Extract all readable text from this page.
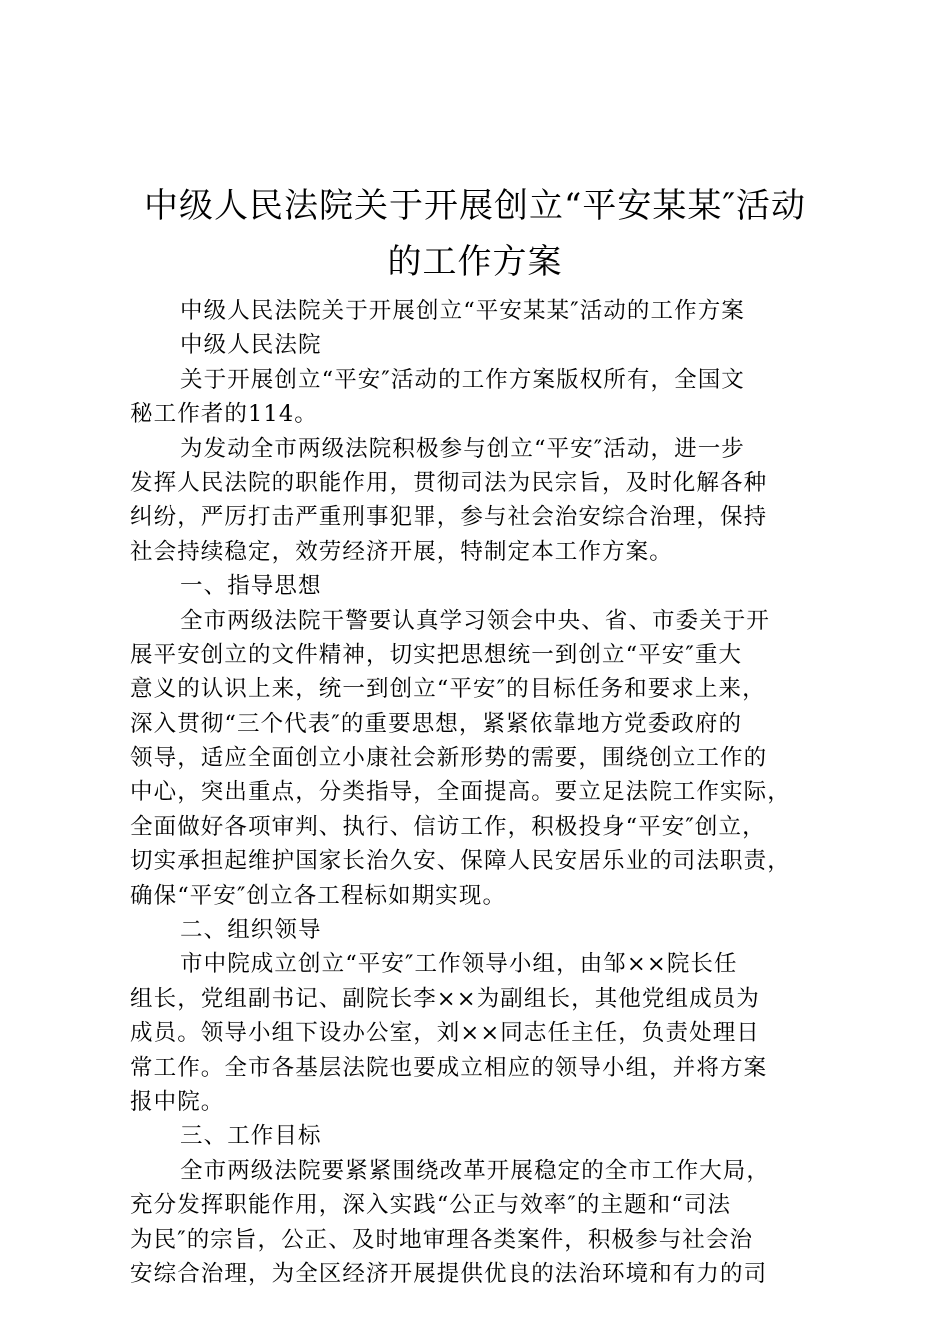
中级人民法院关于开展创立“平安某某″活动
的工作方案
中级人民法院关于开展创立“平安某某″活动的工作方案
中级人民法院
关于开展创立“平安″活动的工作方案版权所有，全国文
秘工作者的114。
为发动全市两级法院积极参与创立“平安″活动，进一步
发挥人民法院的职能作用，贯彻司法为民宗旨，及时化解各种
纠纷，严厉打击严重刑事犯罪，参与社会治安综合治理，保持
社会持续稳定，效劳经济开展，特制定本工作方案。
一、指导思想
全市两级法院干警要认真学习领会中央、省、市委关于开
展平安创立的文件精神，切实把思想统一到创立“平安″重大
意义的认识上来，统一到创立“平安″的目标任务和要求上来，
深入贯彻“三个代表″的重要思想，紧紧依靠地方党委政府的
领导，适应全面创立小康社会新形势的需要，围绕创立工作的
中心，突出重点，分类指导，全面提高。要立足法院工作实际，
全面做好各项审判、执行、信访工作，积极投身“平安″创立，
切实承担起维护国家长治久安、保障人民安居乐业的司法职责，
确保“平安″创立各工程标如期实现。
二、组织领导
市中院成立创立“平安″工作领导小组，由邹××院长任
组长，党组副书记、副院长李××为副组长，其他党组成员为
成员。领导小组下设办公室，刘××同志任主任，负责处理日
常工作。全市各基层法院也要成立相应的领导小组，并将方案
报中院。
三、工作目标
全市两级法院要紧紧围绕改革开展稳定的全市工作大局，
充分发挥职能作用，深入实践“公正与效率″的主题和“司法
为民″的宗旨，公正、及时地审理各类案件，积极参与社会治
安综合治理，为全区经济开展提供优良的法治环境和有力的司
